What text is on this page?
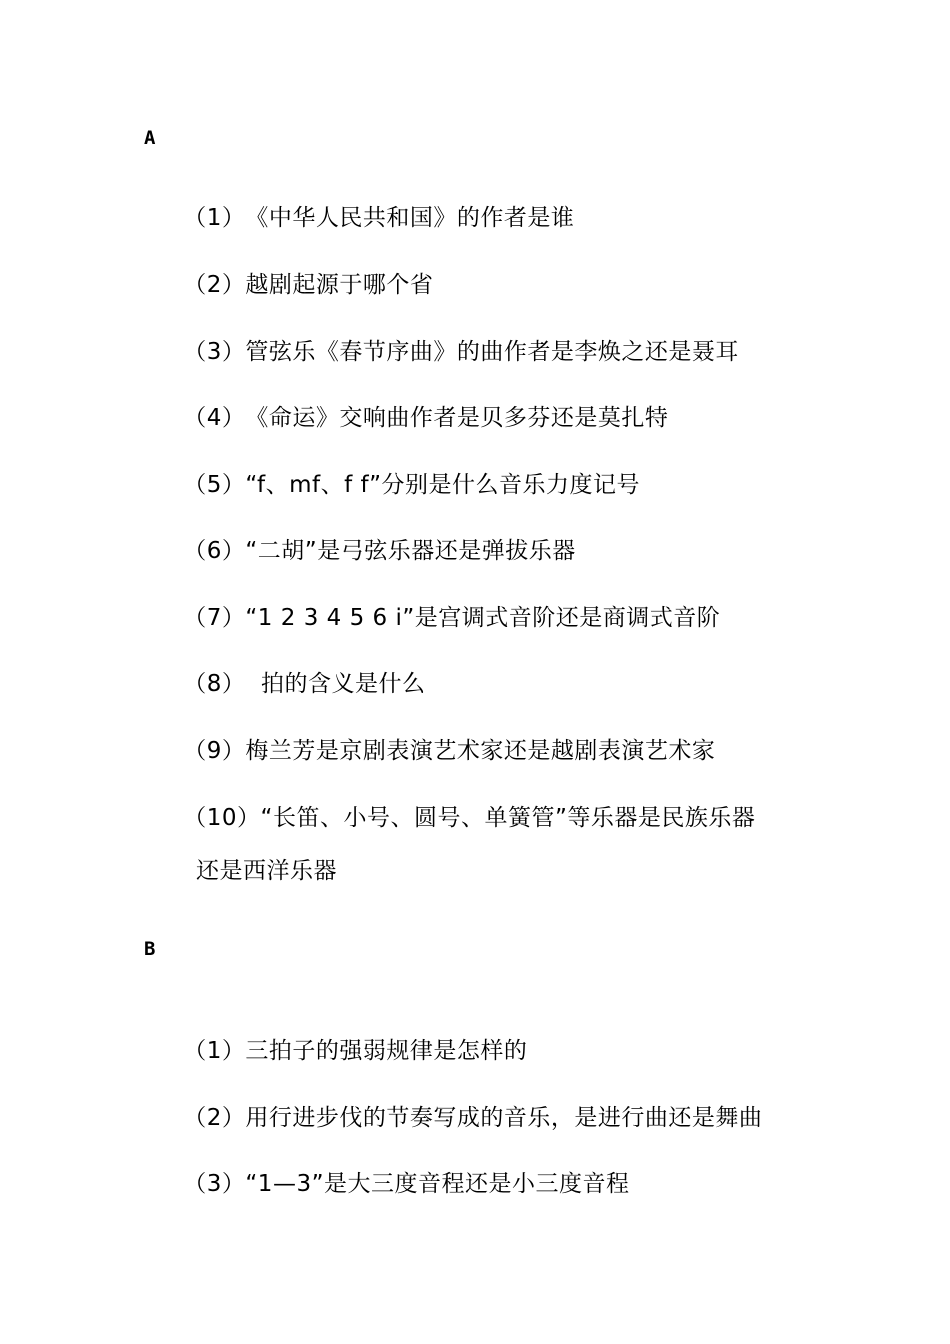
A

（1）《中华人民共和国》的作者是谁

（2）越剧起源于哪个省

（3）管弦乐《春节序曲》的曲作者是李焕之还是聂耳

（4）《命运》交响曲作者是贝多芬还是莫扎特

（5）“f、mf、f f”分别是什么音乐力度记号

（6）“二胡”是弓弦乐器还是弹拔乐器

（7）“1 2 3 4 5 6 i”是宫调式音阶还是商调式音阶

（8）  拍的含义是什么

（9）梅兰芳是京剧表演艺术家还是越剧表演艺术家

（10）“长笛、小号、圆号、单簧管”等乐器是民族乐器

还是西洋乐器
B

（1）三拍子的强弱规律是怎样的

（2）用行进步伐的节奏写成的音乐，是进行曲还是舞曲

（3）“1—3”是大三度音程还是小三度音程
